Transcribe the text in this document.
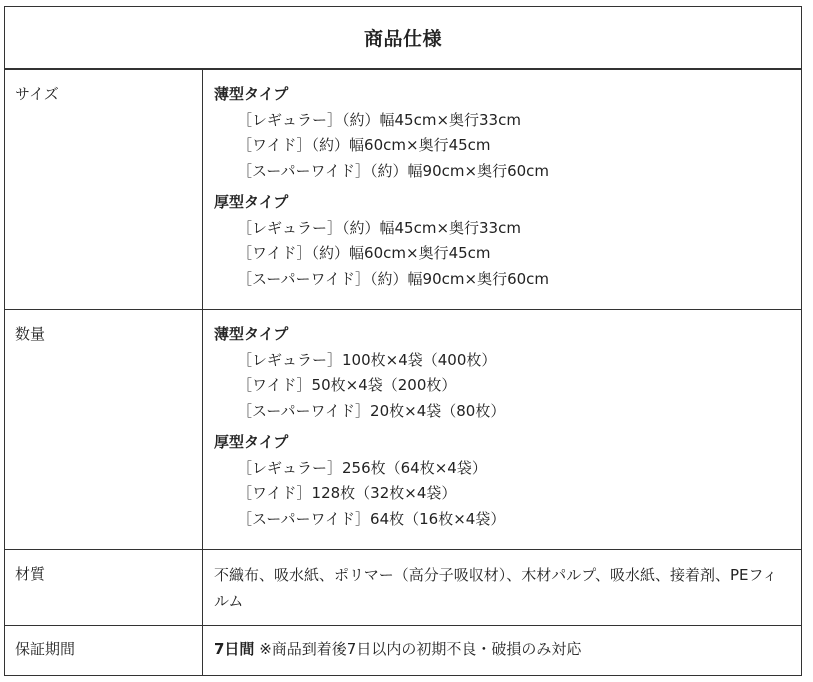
商品仕様
サイズ	薄型タイプ
［レギュラー］（約）幅45cm×奥行33cm
［ワイド］（約）幅60cm×奥行45cm
［スーパーワイド］（約）幅90cm×奥行60cm
厚型タイプ
［レギュラー］（約）幅45cm×奥行33cm
［ワイド］（約）幅60cm×奥行45cm
［スーパーワイド］（約）幅90cm×奥行60cm
数量	薄型タイプ
［レギュラー］100枚×4袋（400枚）
［ワイド］50枚×4袋（200枚）
［スーパーワイド］20枚×4袋（80枚）
厚型タイプ
［レギュラー］256枚（64枚×4袋）
［ワイド］128枚（32枚×4袋）
［スーパーワイド］64枚（16枚×4袋）
材質	不織布、吸水紙、ポリマー（高分子吸収材）、木材パルプ、吸水紙、接着剤、PEフィルム
保証期間	7日間 ※商品到着後7日以内の初期不良・破損のみ対応
